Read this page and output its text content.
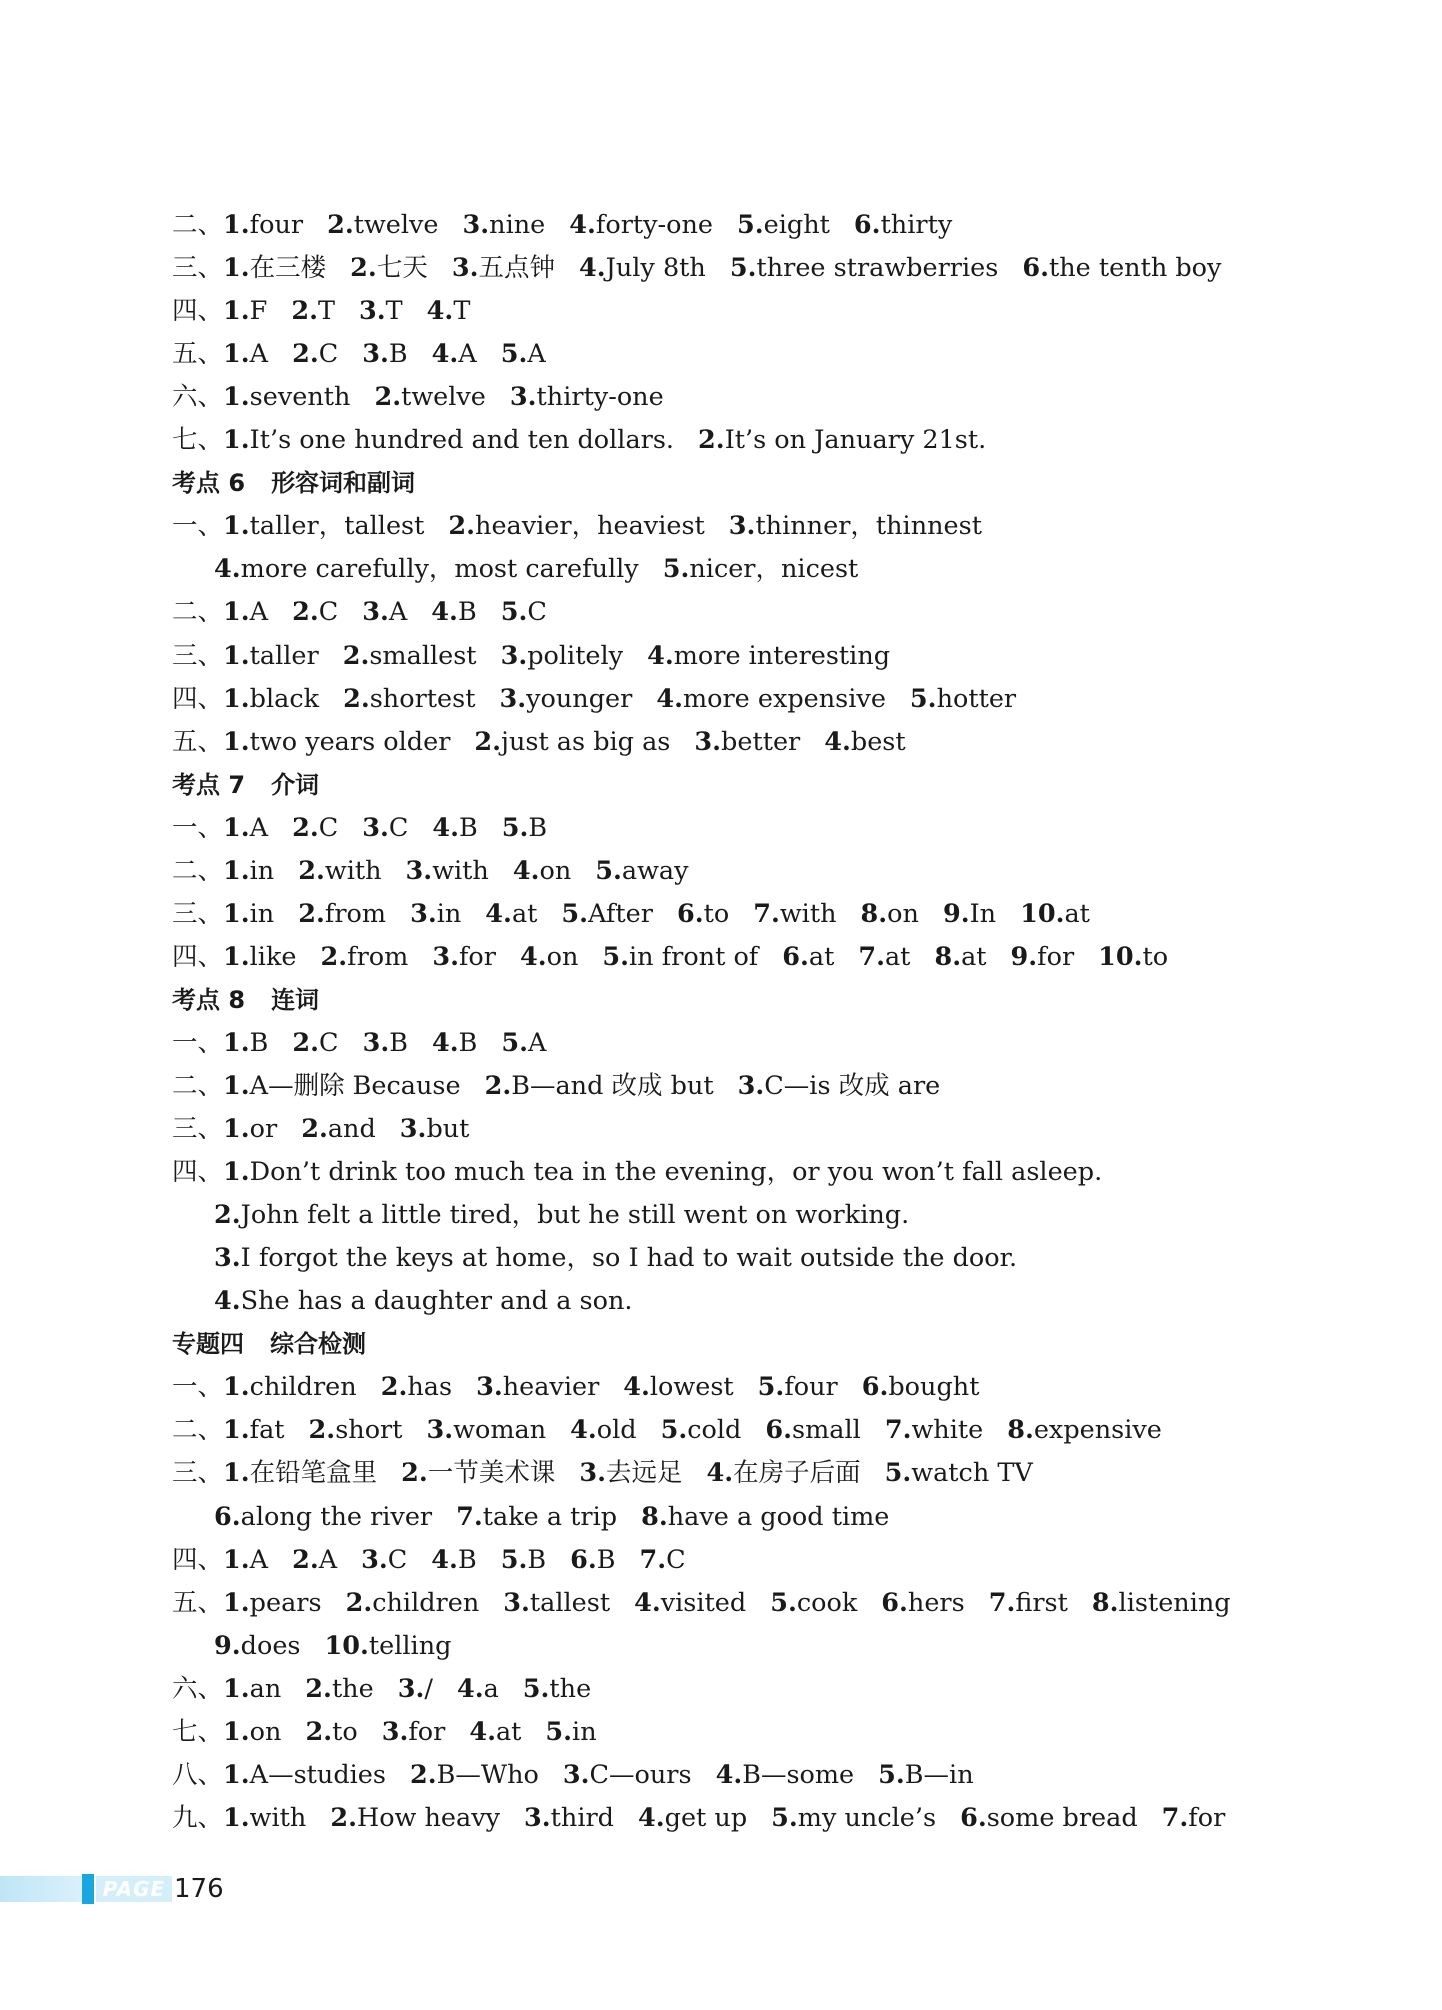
二、1.four 2.twelve 3.nine 4.forty-one 5.eight 6.thirty
三、1.在三楼 2.七天 3.五点钟 4.July 8th 5.three strawberries 6.the tenth boy
四、1.F 2.T 3.T 4.T
五、1.A 2.C 3.B 4.A 5.A
六、1.seventh 2.twelve 3.thirty-one
七、1.It’s one hundred and ten dollars. 2.It’s on January 21st.
考点 6 形容词和副词
一、1.taller，tallest 2.heavier，heaviest 3.thinner，thinnest
4.more carefully，most carefully 5.nicer，nicest
二、1.A 2.C 3.A 4.B 5.C
三、1.taller 2.smallest 3.politely 4.more interesting
四、1.black 2.shortest 3.younger 4.more expensive 5.hotter
五、1.two years older 2.just as big as 3.better 4.best
考点 7 介词
一、1.A 2.C 3.C 4.B 5.B
二、1.in 2.with 3.with 4.on 5.away
三、1.in 2.from 3.in 4.at 5.After 6.to 7.with 8.on 9.In 10.at
四、1.like 2.from 3.for 4.on 5.in front of 6.at 7.at 8.at 9.for 10.to
考点 8 连词
一、1.B 2.C 3.B 4.B 5.A
二、1.A—删除 Because 2.B—and 改成 but 3.C—is 改成 are
三、1.or 2.and 3.but
四、1.Don’t drink too much tea in the evening，or you won’t fall asleep.
2.John felt a little tired，but he still went on working.
3.I forgot the keys at home，so I had to wait outside the door.
4.She has a daughter and a son.
专题四 综合检测
一、1.children 2.has 3.heavier 4.lowest 5.four 6.bought
二、1.fat 2.short 3.woman 4.old 5.cold 6.small 7.white 8.expensive
三、1.在铅笔盒里 2.一节美术课 3.去远足 4.在房子后面 5.watch TV
6.along the river 7.take a trip 8.have a good time
四、1.A 2.A 3.C 4.B 5.B 6.B 7.C
五、1.pears 2.children 3.tallest 4.visited 5.cook 6.hers 7.first 8.listening
9.does 10.telling
六、1.an 2.the 3./ 4.a 5.the
七、1.on 2.to 3.for 4.at 5.in
八、1.A—studies 2.B—Who 3.C—ours 4.B—some 5.B—in
九、1.with 2.How heavy 3.third 4.get up 5.my uncle’s 6.some bread 7.for
PAGE 176
